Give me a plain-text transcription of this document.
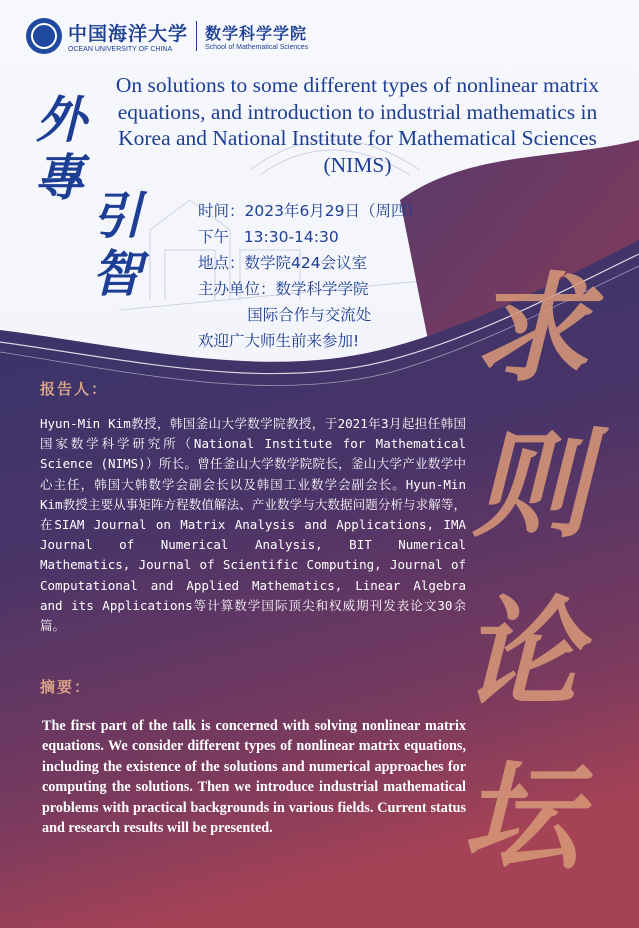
中国海洋大学
OCEAN UNIVERSITY OF CHINA
数学科学学院
School of Mathematical Sciences
外
專
引
智
On solutions to some different types of nonlinear matrix equations, and introduction to industrial mathematics in Korea and National Institute for Mathematical Sciences (NIMS)
时间：2023年6月29日（周四）
下午   13:30-14:30
地点：数学院424会议室
主办单位：数学科学学院
国际合作与交流处
欢迎广大师生前来参加! 求
则
论
坛
报告人：
Hyun-Min Kim教授，韩国釜山大学数学院教授，于2021年3月起担任韩国国家数学科学研究所（National Institute for Mathematical Science (NIMS)）所长。曾任釜山大学数学院院长，釜山大学产业数学中心主任，韩国大韩数学会副会长以及韩国工业数学会副会长。Hyun-Min Kim教授主要从事矩阵方程数值解法、产业数学与大数据问题分析与求解等，在SIAM Journal on Matrix Analysis and Applications, IMA Journal of Numerical Analysis, BIT Numerical Mathematics, Journal of Scientific Computing, Journal of Computational and Applied Mathematics, Linear Algebra and its Applications等计算数学国际顶尖和权威期刊发表论文30余篇。
摘要：
The first part of the talk is concerned with solving nonlinear matrix equations. We consider different types of nonlinear matrix equations, including the existence of the solutions and numerical approaches for computing the solutions. Then we introduce industrial mathematical problems with practical backgrounds in various fields. Current status and research results will be presented.
